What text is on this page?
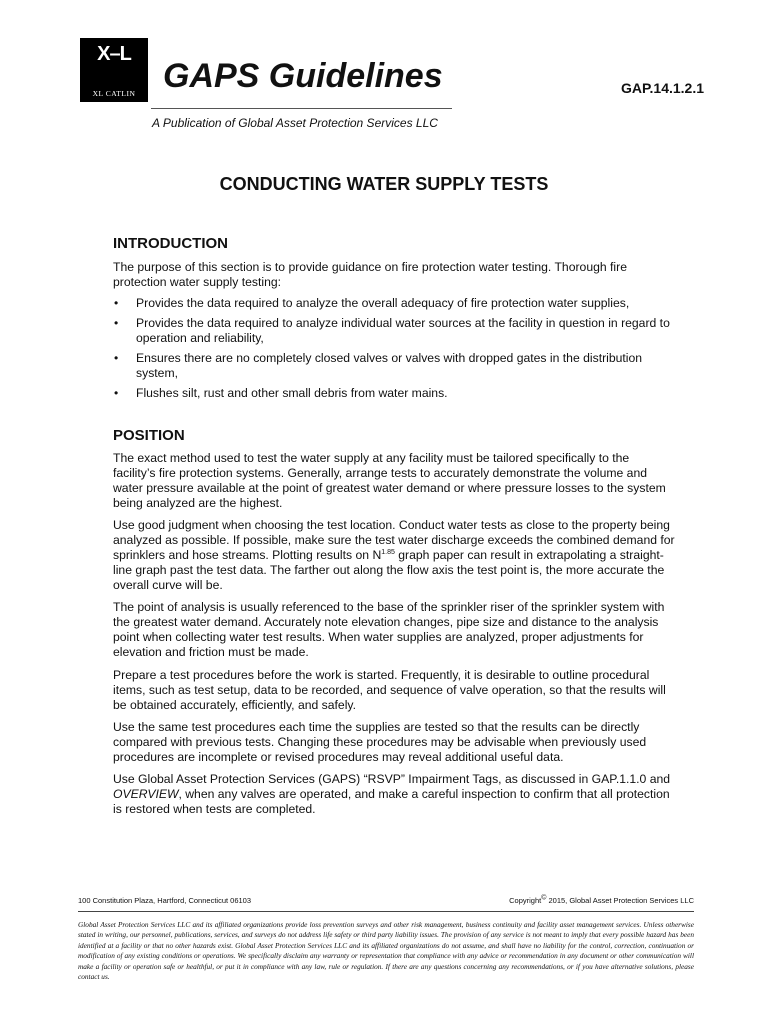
X–L
XL CATLIN GAPS Guidelines	GAP.14.1.2.1
A Publication of Global Asset Protection Services LLC
CONDUCTING WATER SUPPLY TESTS
INTRODUCTION

The purpose of this section is to provide guidance on fire protection water testing. Thorough fire protection water supply testing:

• Provides the data required to analyze the overall adequacy of fire protection water supplies,
• Provides the data required to analyze individual water sources at the facility in question in regard to operation and reliability,
• Ensures there are no completely closed valves or valves with dropped gates in the distribution system,
• Flushes silt, rust and other small debris from water mains.
POSITION

The exact method used to test the water supply at any facility must be tailored specifically to the facility’s fire protection systems. Generally, arrange tests to accurately demonstrate the volume and water pressure available at the point of greatest water demand or where pressure losses to the system being analyzed are the highest.

Use good judgment when choosing the test location. Conduct water tests as close to the property being analyzed as possible. If possible, make sure the test water discharge exceeds the combined demand for sprinklers and hose streams. Plotting results on $N^{1.85}$ graph paper can result in extrapolating a straight-line graph past the test data. The farther out along the flow axis the test point is, the more accurate the overall curve will be.

The point of analysis is usually referenced to the base of the sprinkler riser of the sprinkler system with the greatest water demand. Accurately note elevation changes, pipe size and distance to the analysis point when collecting water test results. When water supplies are analyzed, proper adjustments for elevation and friction must be made.

Prepare a test procedures before the work is started. Frequently, it is desirable to outline procedural items, such as test setup, data to be recorded, and sequence of valve operation, so that the results will be obtained accurately, efficiently, and safely.

Use the same test procedures each time the supplies are tested so that the results can be directly compared with previous tests. Changing these procedures may be advisable when previously used procedures are incomplete or revised procedures may reveal additional useful data.

Use Global Asset Protection Services (GAPS) “RSVP” Impairment Tags, as discussed in GAP.1.1.0 and OVERVIEW, when any valves are operated, and make a careful inspection to confirm that all protection is restored when tests are completed.

100 Constitution Plaza, Hartford, Connecticut 06103	Copyright© 2015, Global Asset Protection Services LLC

Global Asset Protection Services LLC and its affiliated organizations provide loss prevention surveys and other risk management, business continuity and facility asset management services. Unless otherwise stated in writing, our personnel, publications, services, and surveys do not address life safety or third party liability issues. The provision of any service is not meant to imply that every possible hazard has been identified at a facility or that no other hazards exist. Global Asset Protection Services LLC and its affiliated organizations do not assume, and shall have no liability for the control, correction, continuation or modification of any existing conditions or operations. We specifically disclaim any warranty or representation that compliance with any advice or recommendation in any document or other communication will make a facility or operation safe or healthful, or put it in compliance with any law, rule or regulation. If there are any questions concerning any recommendations, or if you have alternative solutions, please contact us.
